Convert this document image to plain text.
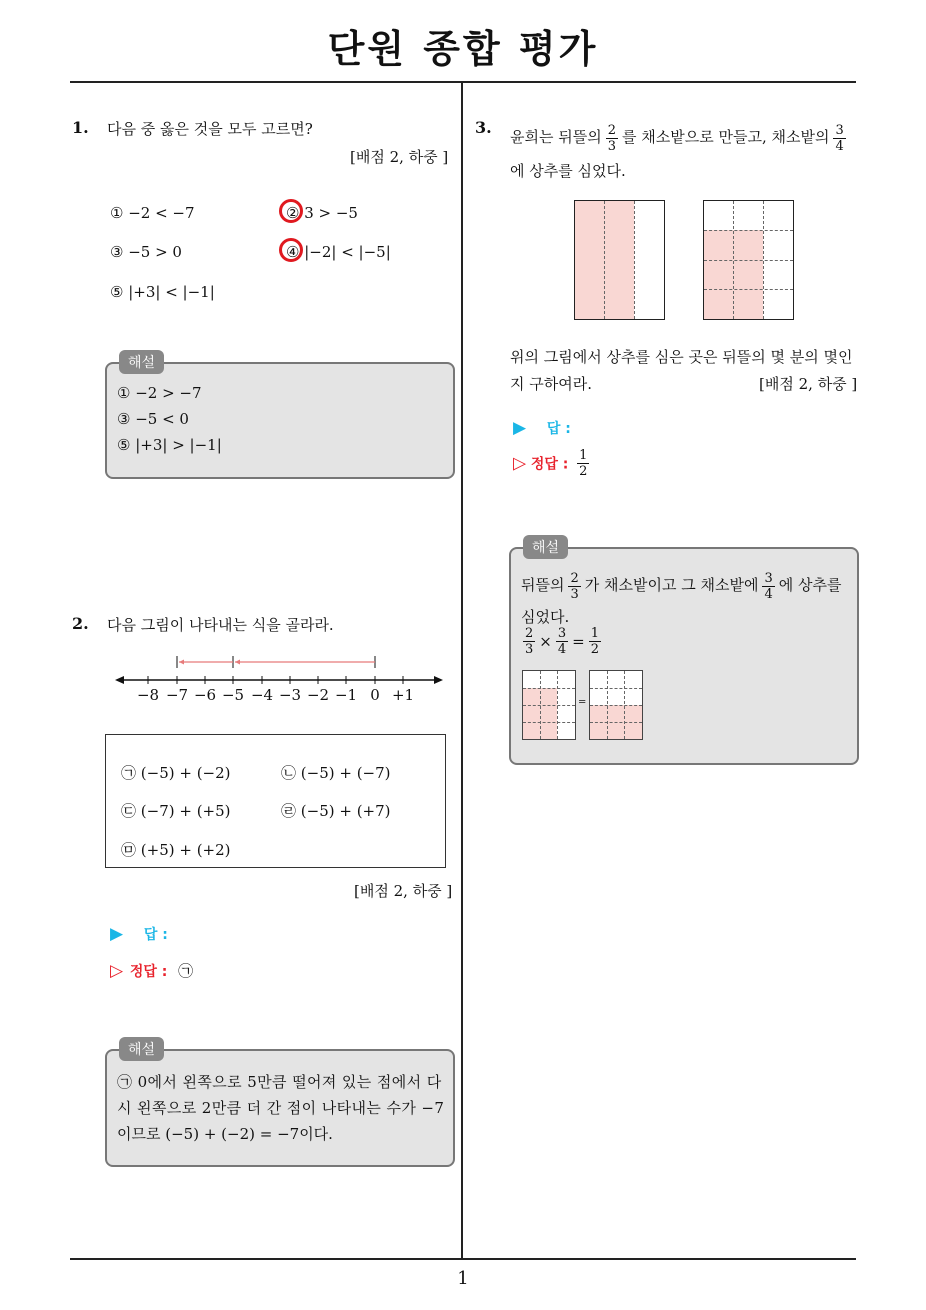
단원 종합 평가
1. 다음 중 옳은 것을 모두 고르면?
[배점 2, 하중 ]
① −2 < −7	② 3 > −5
③ −5 > 0	④ |−2| < |−5|
⑤ |+3| < |−1|
해설
① −2 > −7
③ −5 < 0
⑤ |+3| > |−1|
2. 다음 그림이 나타내는 식을 골라라.
−8 −7 −6 −5 −4 −3 −2 −1 0 +1
㉠ (−5) + (−2)	㉡ (−5) + (−7)
㉢ (−7) + (+5)	㉣ (−5) + (+7)
㉤ (+5) + (+2)
[배점 2, 하중 ]
▶ 답 :
▷ 정답 : ㉠
해설
㉠ 0에서 왼쪽으로 5만큼 떨어져 있는 점에서 다
시 왼쪽으로 2만큼 더 간 점이 나타내는 수가 −7
이므로 (−5) + (−2) = −7이다.
3. 윤희는 뒤뜰의 $\frac{2}{3}$ 를 채소밭으로 만들고, 채소밭의 $\frac{3}{4}$
에 상추를 심었다.
위의 그림에서 상추를 심은 곳은 뒤뜰의 몇 분의 몇인
지 구하여라.	[배점 2, 하중 ]
▶ 답 :
▷ 정답 : $\frac{1}{2}$
해설
뒤뜰의 $\frac{2}{3}$ 가 채소밭이고 그 채소밭에 $\frac{3}{4}$ 에 상추를
심었다.
$\frac{2}{3} \times \frac{3}{4} = \frac{1}{2}$
=
1
